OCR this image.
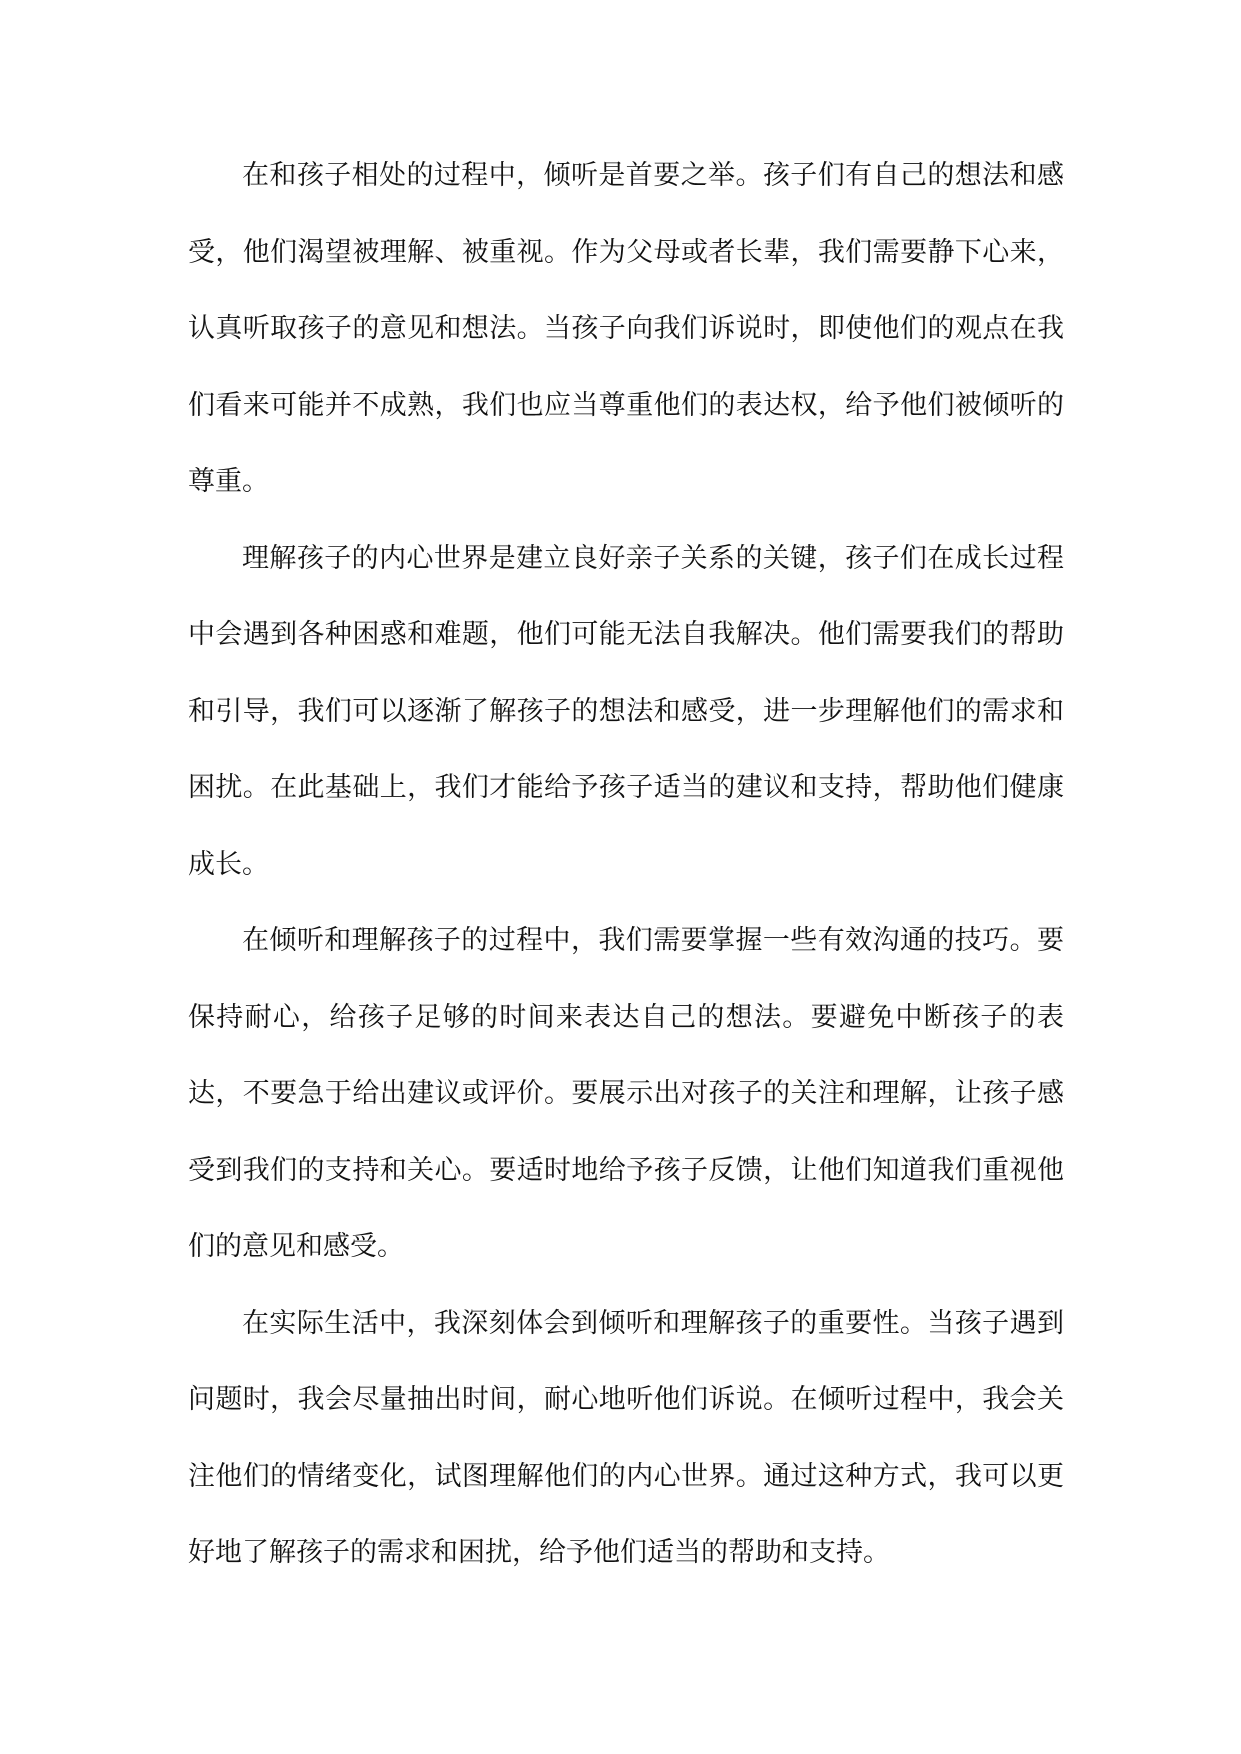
在和孩子相处的过程中，倾听是首要之举。孩子们有自己的想法和感受，他们渴望被理解、被重视。作为父母或者长辈，我们需要静下心来，认真听取孩子的意见和想法。当孩子向我们诉说时，即使他们的观点在我们看来可能并不成熟，我们也应当尊重他们的表达权，给予他们被倾听的尊重。

理解孩子的内心世界是建立良好亲子关系的关键，孩子们在成长过程中会遇到各种困惑和难题，他们可能无法自我解决。他们需要我们的帮助和引导，我们可以逐渐了解孩子的想法和感受，进一步理解他们的需求和困扰。在此基础上，我们才能给予孩子适当的建议和支持，帮助他们健康成长。

在倾听和理解孩子的过程中，我们需要掌握一些有效沟通的技巧。要保持耐心，给孩子足够的时间来表达自己的想法。要避免中断孩子的表达，不要急于给出建议或评价。要展示出对孩子的关注和理解，让孩子感受到我们的支持和关心。要适时地给予孩子反馈，让他们知道我们重视他们的意见和感受。

在实际生活中，我深刻体会到倾听和理解孩子的重要性。当孩子遇到问题时，我会尽量抽出时间，耐心地听他们诉说。在倾听过程中，我会关注他们的情绪变化，试图理解他们的内心世界。通过这种方式，我可以更好地了解孩子的需求和困扰，给予他们适当的帮助和支持。
